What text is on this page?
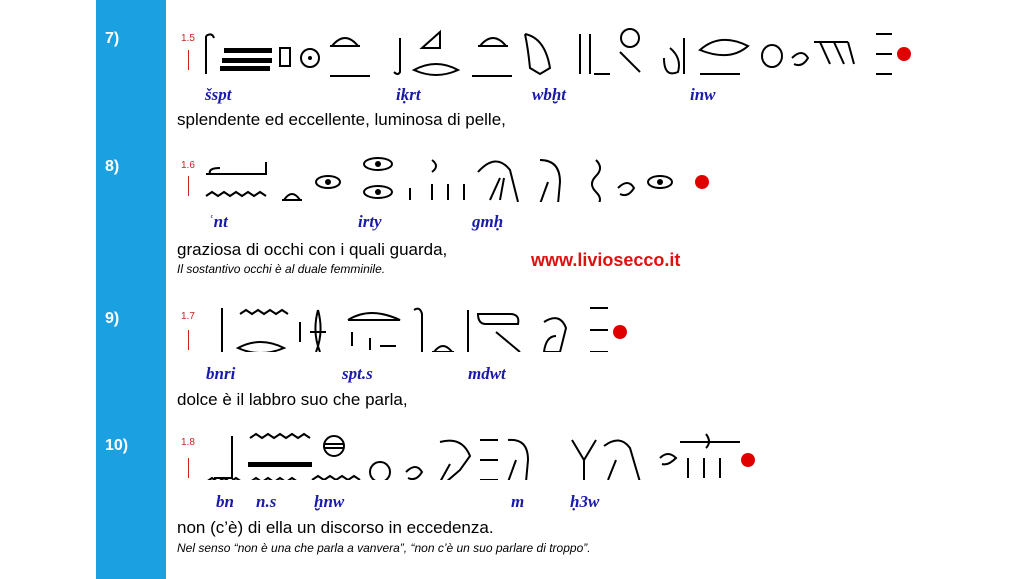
7)	1.5
šspt	iḳrt	wbḫt	inw
splendente ed eccellente, luminosa di pelle,
8)	1.6
ʿnt	irty	gmḥ
graziosa di occhi con i quali guarda,
Il sostantivo occhi è al duale femminile.	www.liviosecco.it
9)	1.7
bnri	spt.s	mdwt
dolce è il labbro suo che parla,
10)	1.8
bn n.s ḫnw	m	ḥ3w
non (c’è) di ella un discorso in eccedenza.
Nel senso “non è una che parla a vanvera”, “non c’è un suo parlare di troppo”.
